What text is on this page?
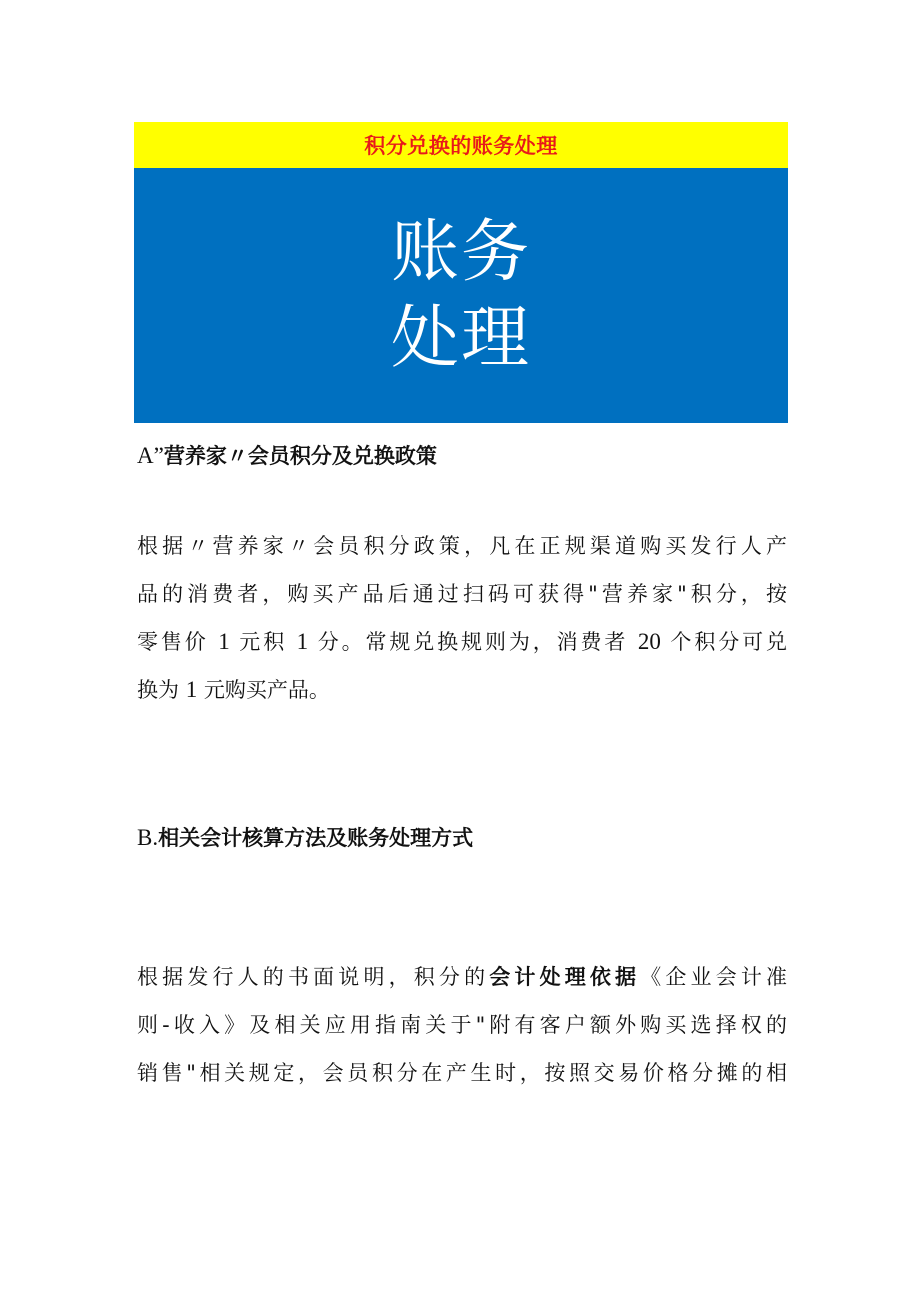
积分兑换的账务处理
账务
处理
A”营养家〃会员积分及兑换政策
根据〃营养家〃会员积分政策，凡在正规渠道购买发行人产
品的消费者，购买产品后通过扫码可获得"营养家"积分，按
零售价 1 元积 1 分。常规兑换规则为，消费者 20 个积分可兑
换为 1 元购买产品。
B.相关会计核算方法及账务处理方式
根据发行人的书面说明，积分的会计处理依据《企业会计准
则-收入》及相关应用指南关于"附有客户额外购买选择权的
销售"相关规定，会员积分在产生时，按照交易价格分摊的相
